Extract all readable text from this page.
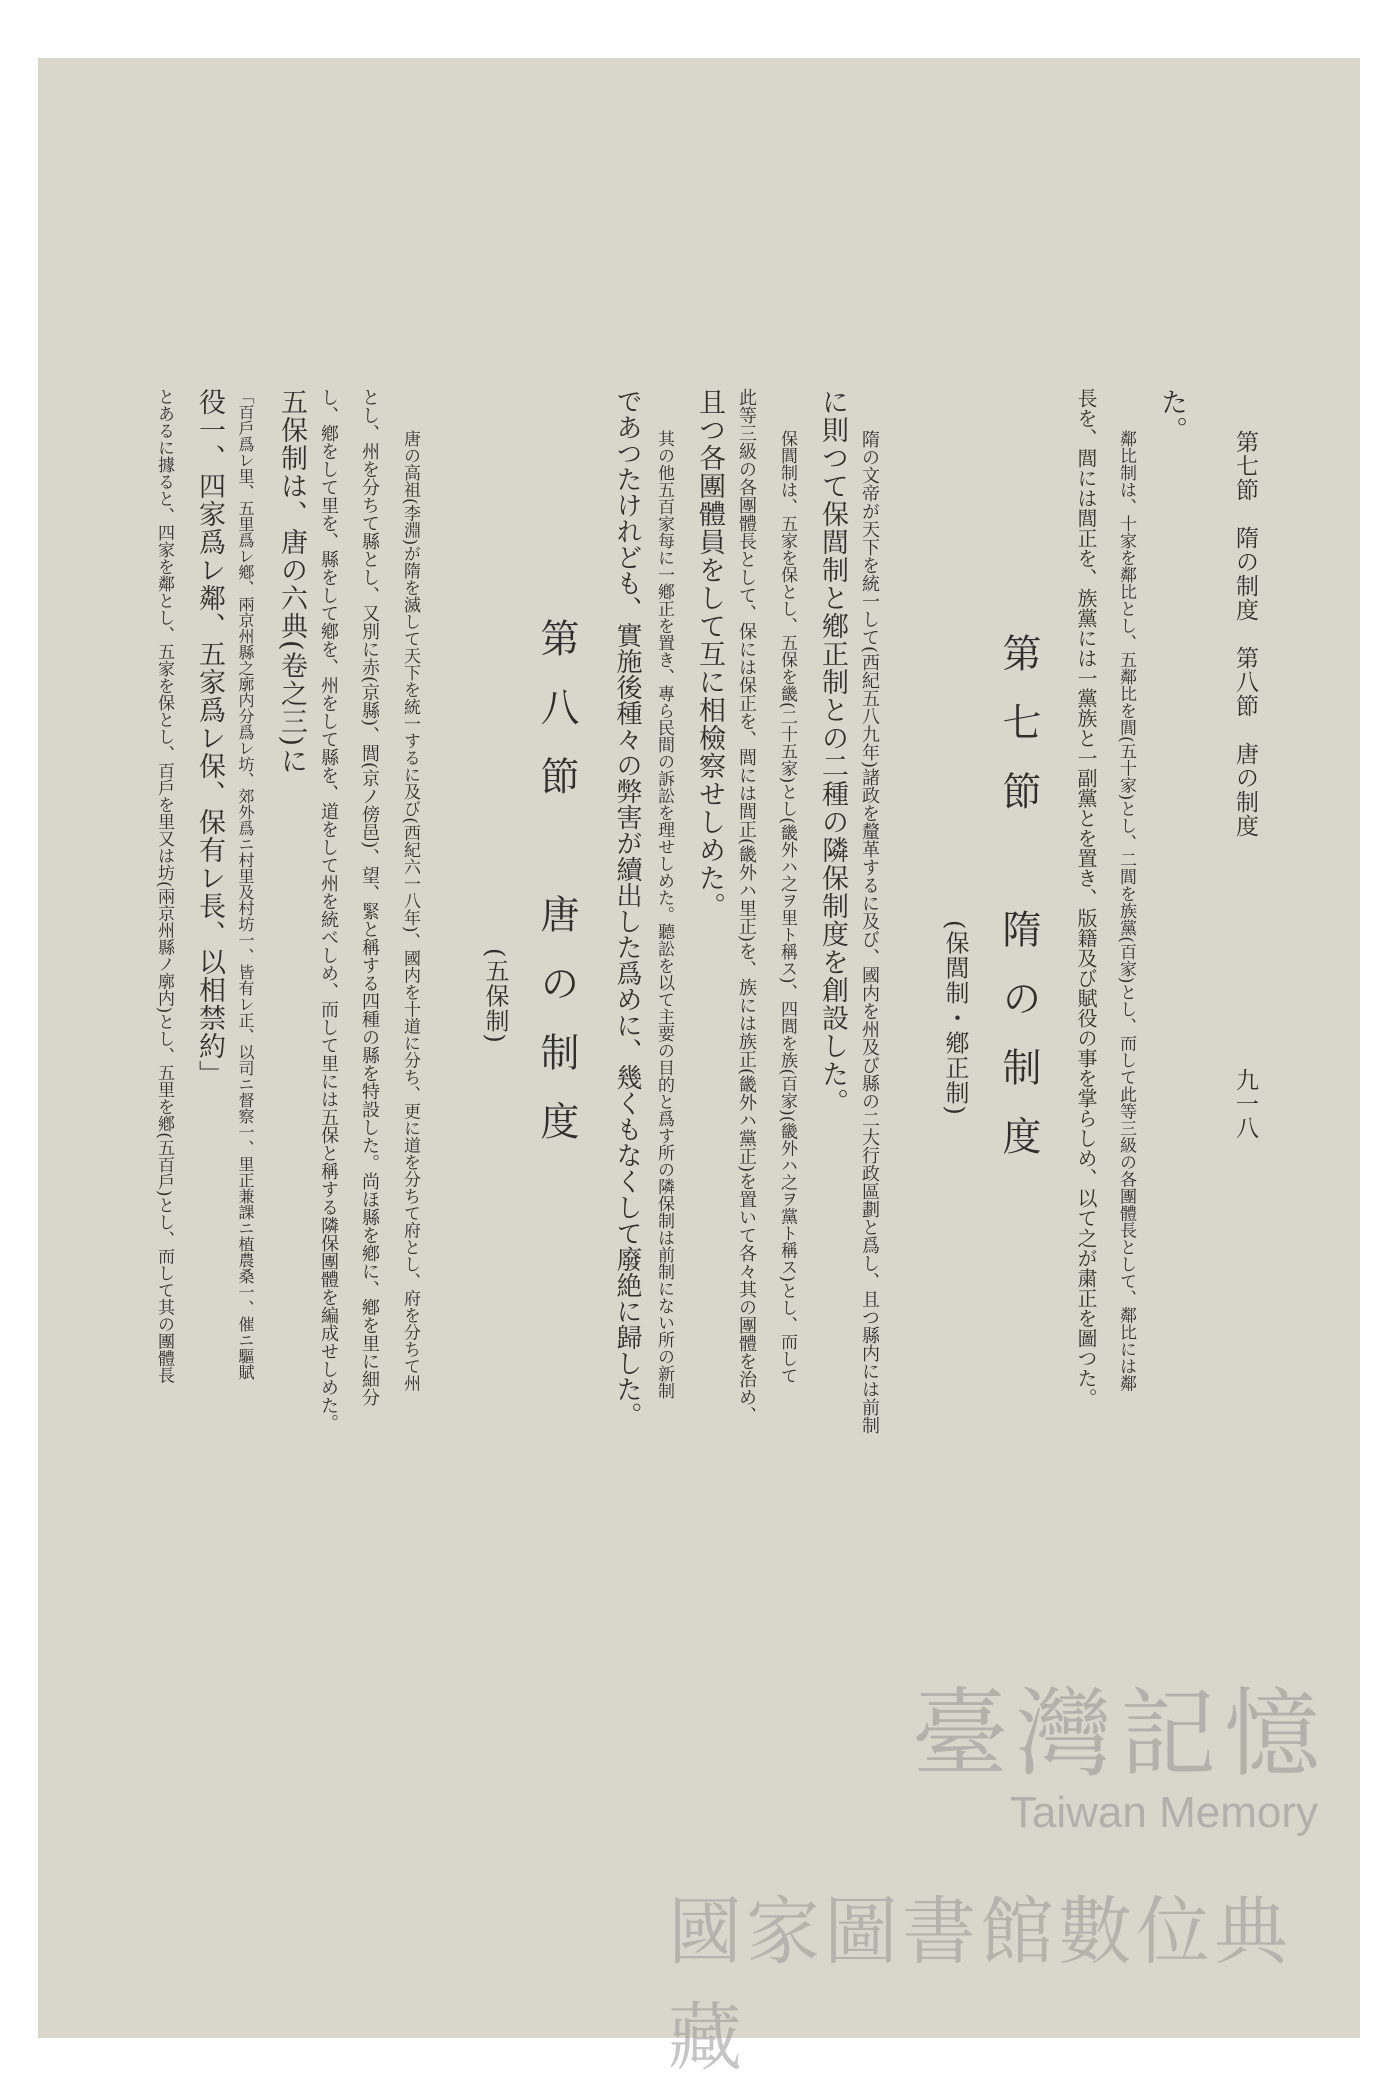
第七節　隋の制度　第八節　唐の制度
九一八
た。
鄰比制は、十家を鄰比とし、五鄰比を閭(五十家)とし、二閭を族黨(百家)とし、而して此等三級の各團體長として、鄰比には鄰
長を、閭には閭正を、族黨には一黨族と一副黨とを置き、版籍及び賦役の事を掌らしめ、以て之が粛正を圖つた。
第七節　隋の制度
(保閭制・鄕正制)
隋の文帝が天下を統一して(西紀五八九年)諸政を釐革するに及び、國内を州及び縣の二大行政區劃と爲し、且つ縣内には前制
に則つて保閭制と鄕正制との二種の隣保制度を創設した。
保閭制は、五家を保とし、五保を畿(二十五家)とし(畿外ハ之ヲ里ト稱ス)、四閭を族(百家)(畿外ハ之ヲ黨ト稱ス)とし、而して
此等三級の各團體長として、保には保正を、閭には閭正(畿外ハ里正)を、族には族正(畿外ハ黨正)を置いて各々其の團體を治め、
且つ各團體員をして互に相檢察せしめた。
其の他五百家每に一鄕正を置き、專ら民間の訴訟を理せしめた。聽訟を以て主要の目的と爲す所の隣保制は前制にない所の新制
であつたけれども、實施後種々の弊害が續出した爲めに、幾くもなくして廢絶に歸した。
第八節　唐の制度
(五保制)
唐の高祖(李淵)が隋を滅して天下を統一するに及び(西紀六一八年)、國内を十道に分ち、更に道を分ちて府とし、府を分ちて州
とし、州を分ちて縣とし、又別に赤(京縣)、閭(京ノ傍邑)、望、緊と稱する四種の縣を特設した。尚ほ縣を鄕に、鄕を里に細分
し、鄕をして里を、縣をして鄕を、州をして縣を、道をして州を統べしめ、而して里には五保と稱する隣保團體を編成せしめた。
五保制は、唐の六典(卷之三)に
「百戶爲レ里、五里爲レ鄕、兩京州縣之廓内分爲レ坊、郊外爲ニ村里及村坊一、皆有レ正、以司ニ督察一、里正兼課ニ植農桑一、催ニ驅賦
役一、四家爲レ鄰、五家爲レ保、保有レ長、以相禁約」
とあるに據ると、四家を鄰とし、五家を保とし、百戶を里又は坊(兩京州縣ノ廓内)とし、五里を鄕(五百戶)とし、而して其の團體長
臺灣記憶
Taiwan Memory
國家圖書館數位典藏
